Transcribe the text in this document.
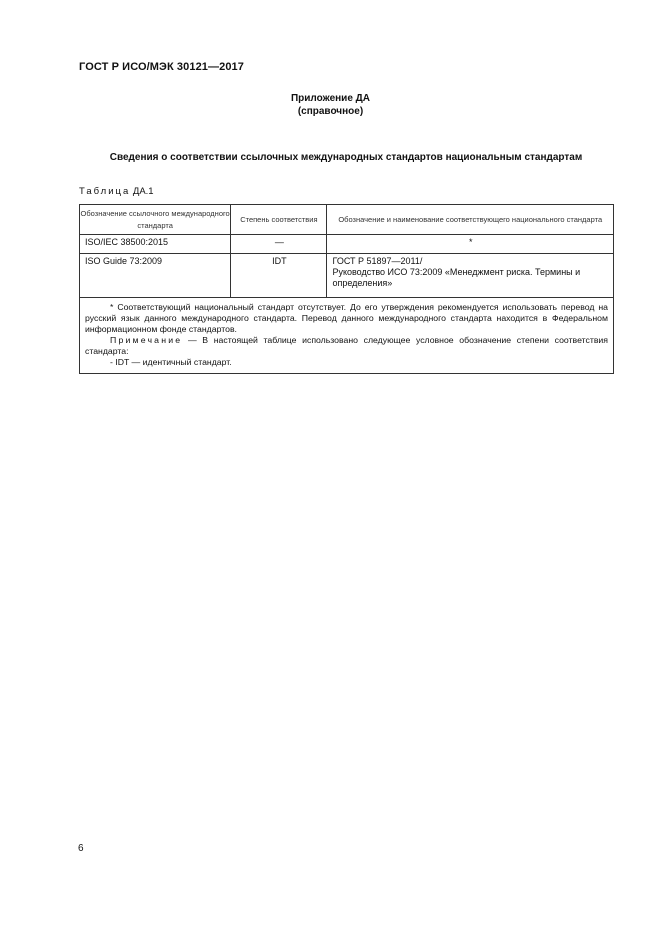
ГОСТ Р ИСО/МЭК 30121—2017
Приложение ДА
(справочное)
Сведения о соответствии ссылочных международных стандартов национальным стандартам
Таблица ДА.1
Обозначение ссылочного международного стандарта	Степень соответствия	Обозначение и наименование соответствующего национального стандарта
ISO/IEC 38500:2015	—	*
ISO Guide 73:2009	IDT	ГОСТ Р 51897—2011/
Руководство ИСО 73:2009 «Менеджмент риска. Термины и определения»

* Соответствующий национальный стандарт отсутствует. До его утверждения рекомендуется использовать перевод на русский язык данного международного стандарта. Перевод данного международного стандарта находится в Федеральном информационном фонде стандартов.

Примечание — В настоящей таблице использовано следующее условное обозначение степени соответствия стандарта:

- IDT — идентичный стандарт.		

6
